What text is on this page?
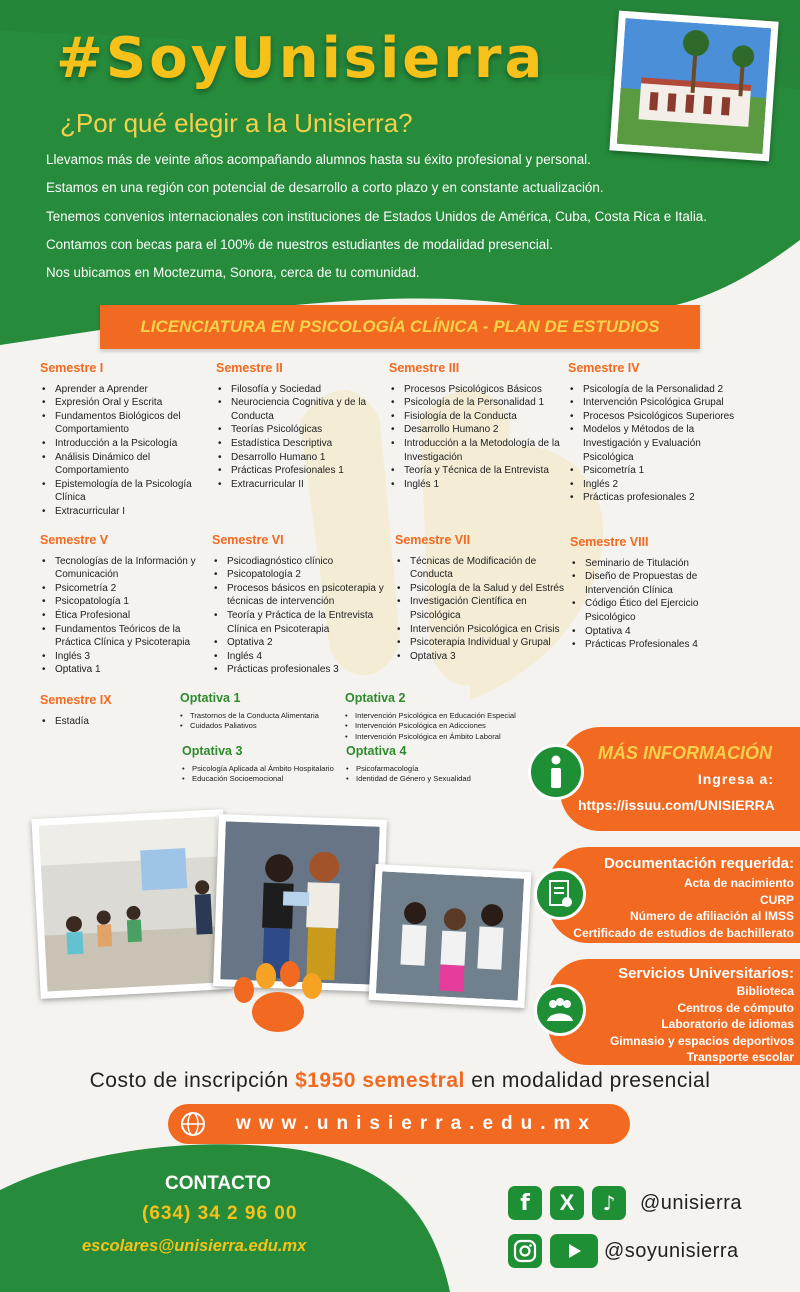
#SoyUnisierra
¿Por qué elegir a la Unisierra?

Llevamos más de veinte años acompañando alumnos hasta su éxito profesional y personal.

Estamos en una región con potencial de desarrollo a corto plazo y en constante actualización.

Tenemos convenios internacionales con instituciones de Estados Unidos de América, Cuba, Costa Rica e Italia.

Contamos con becas para el 100% de nuestros estudiantes de modalidad presencial.

Nos ubicamos en Moctezuma, Sonora, cerca de tu comunidad.

LICENCIATURA EN PSICOLOGÍA CLÍNICA - PLAN DE ESTUDIOS
Semestre I
• Aprender a Aprender
• Expresión Oral y Escrita
• Fundamentos Biológicos del Comportamiento
• Introducción a la Psicología
• Análisis Dinámico del Comportamiento
• Epistemología de la Psicología Clínica
• Extracurricular I
Semestre II
• Filosofía y Sociedad
• Neurociencia Cognitiva y de la Conducta
• Teorías Psicológicas
• Estadística Descriptiva
• Desarrollo Humano 1
• Prácticas Profesionales 1
• Extracurricular II
Semestre III
• Procesos Psicológicos Básicos
• Psicología de la Personalidad 1
• Fisiología de la Conducta
• Desarrollo Humano 2
• Introducción a la Metodología de la Investigación
• Teoría y Técnica de la Entrevista
• Inglés 1
Semestre IV
• Psicología de la Personalidad 2
• Intervención Psicológica Grupal
• Procesos Psicológicos Superiores
• Modelos y Métodos de la Investigación y Evaluación Psicológica
• Psicometría 1
• Inglés 2
• Prácticas profesionales 2
Semestre V
• Tecnologías de la Información y Comunicación
• Psicometría 2
• Psicopatología 1
• Ética Profesional
• Fundamentos Teóricos de la Práctica Clínica y Psicoterapia
• Inglés 3
• Optativa 1
Semestre VI
• Psicodiagnóstico clínico
• Psicopatología 2
• Procesos básicos en psicoterapia y técnicas de intervención
• Teoría y Práctica de la Entrevista Clínica en Psicoterapia
• Optativa 2
• Inglés 4
• Prácticas profesionales 3
Semestre VII
• Técnicas de Modificación de Conducta
• Psicología de la Salud y del Estrés
• Investigación Científica en Psicológica
• Intervención Psicológica en Crisis
• Psicoterapia Individual y Grupal
• Optativa 3
Semestre VIII
• Seminario de Titulación
• Diseño de Propuestas de Intervención Clínica
• Código Ético del Ejercicio Psicológico
• Optativa 4
• Prácticas Profesionales 4
Semestre IX
• Estadía
Optativa 1
• Trastornos de la Conducta Alimentaria
• Cuidados Paliativos
Optativa 2
• Intervención Psicológica en Educación Especial
• Intervención Psicológica en Adicciones
• Intervención Psicológica en Ámbito Laboral
Optativa 3
• Psicología Aplicada al Ámbito Hospitalario
• Educación Socioemocional
Optativa 4
• Psicofarmacología
• Identidad de Género y Sexualidad
MÁS INFORMACIÓN
Ingresa a:
https://issuu.com/UNISIERRA
Documentación requerida:
Acta de nacimiento
CURP
Número de afiliación al IMSS
Certificado de estudios de bachillerato
Servicios Universitarios:
Biblioteca
Centros de cómputo
Laboratorio de idiomas
Gimnasio y espacios deportivos
Transporte escolar
Costo de inscripción $1950 semestral en modalidad presencial
www.unisierra.edu.mx
CONTACTO
(634) 34 2 96 00
escolares@unisierra.edu.mx
f X ♪ @unisierra
@soyunisierra
